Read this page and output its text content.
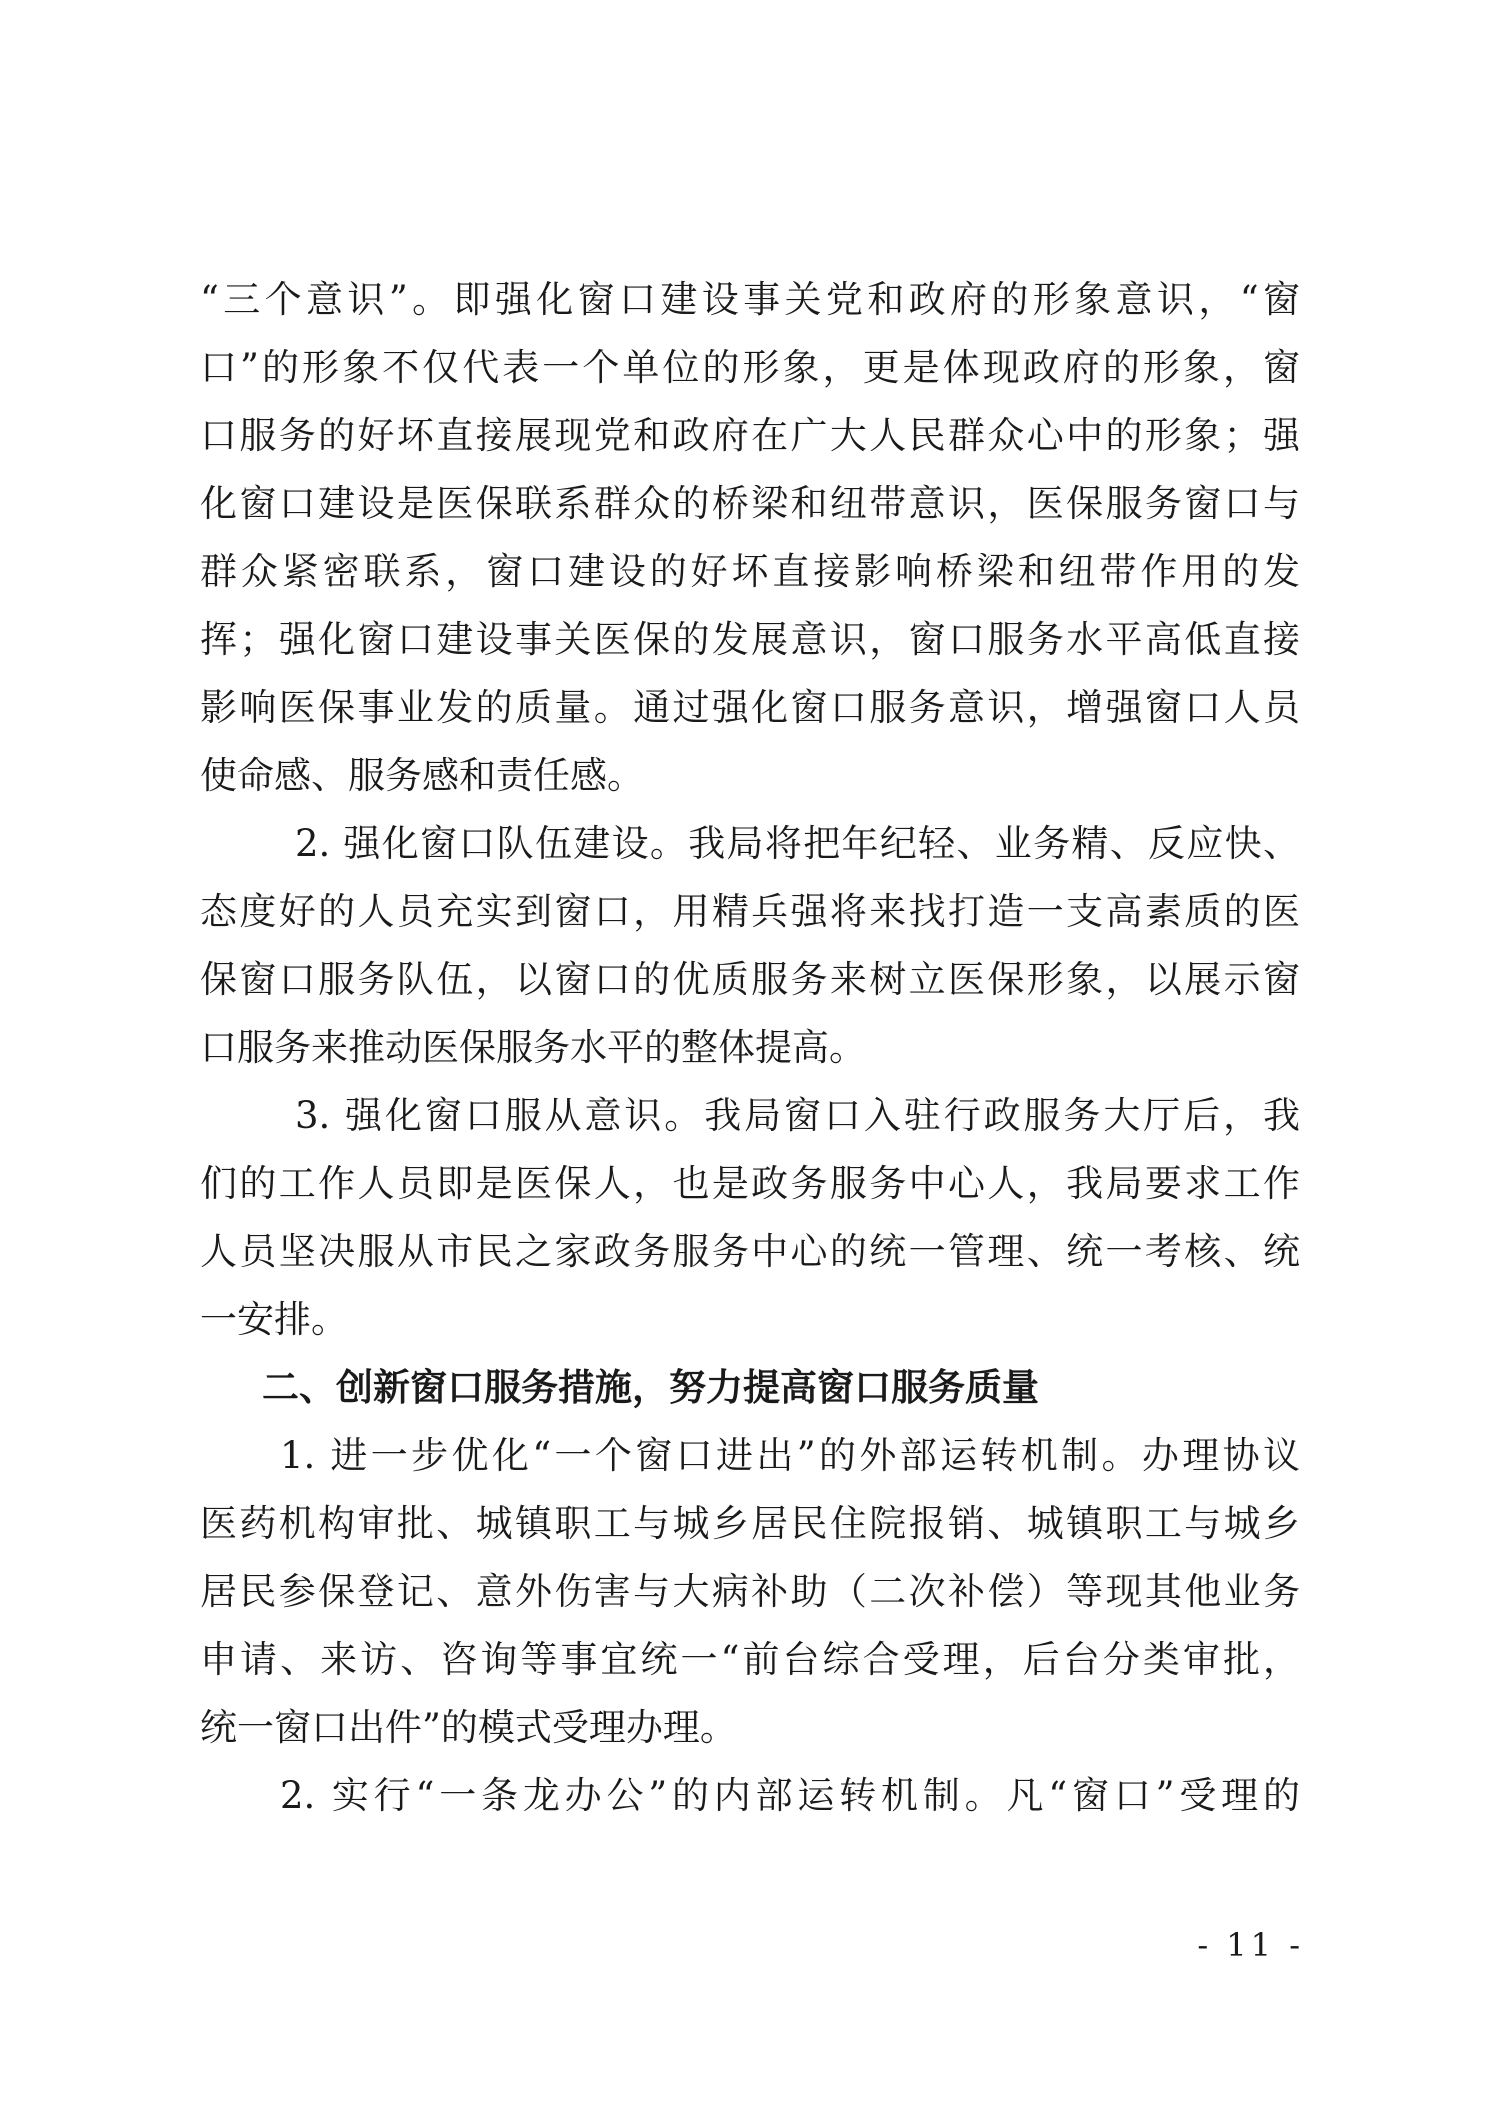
“三个意识”。即强化窗口建设事关党和政府的形象意识，“窗
口”的形象不仅代表一个单位的形象，更是体现政府的形象，窗
口服务的好坏直接展现党和政府在广大人民群众心中的形象；强
化窗口建设是医保联系群众的桥梁和纽带意识，医保服务窗口与
群众紧密联系，窗口建设的好坏直接影响桥梁和纽带作用的发
挥；强化窗口建设事关医保的发展意识，窗口服务水平高低直接
影响医保事业发的质量。通过强化窗口服务意识，增强窗口人员
使命感、服务感和责任感。
2. 强化窗口队伍建设。我局将把年纪轻、业务精、反应快、
态度好的人员充实到窗口，用精兵强将来找打造一支高素质的医
保窗口服务队伍，以窗口的优质服务来树立医保形象，以展示窗
口服务来推动医保服务水平的整体提高。
3. 强化窗口服从意识。我局窗口入驻行政服务大厅后，我
们的工作人员即是医保人，也是政务服务中心人，我局要求工作
人员坚决服从市民之家政务服务中心的统一管理、统一考核、统
一安排。
二、创新窗口服务措施，努力提高窗口服务质量
1. 进一步优化“一个窗口进出”的外部运转机制。办理协议
医药机构审批、城镇职工与城乡居民住院报销、城镇职工与城乡
居民参保登记、意外伤害与大病补助（二次补偿）等现其他业务
申请、来访、咨询等事宜统一“前台综合受理，后台分类审批，
统一窗口出件”的模式受理办理。
2. 实行“一条龙办公”的内部运转机制。凡“窗口”受理的
- 11 -
